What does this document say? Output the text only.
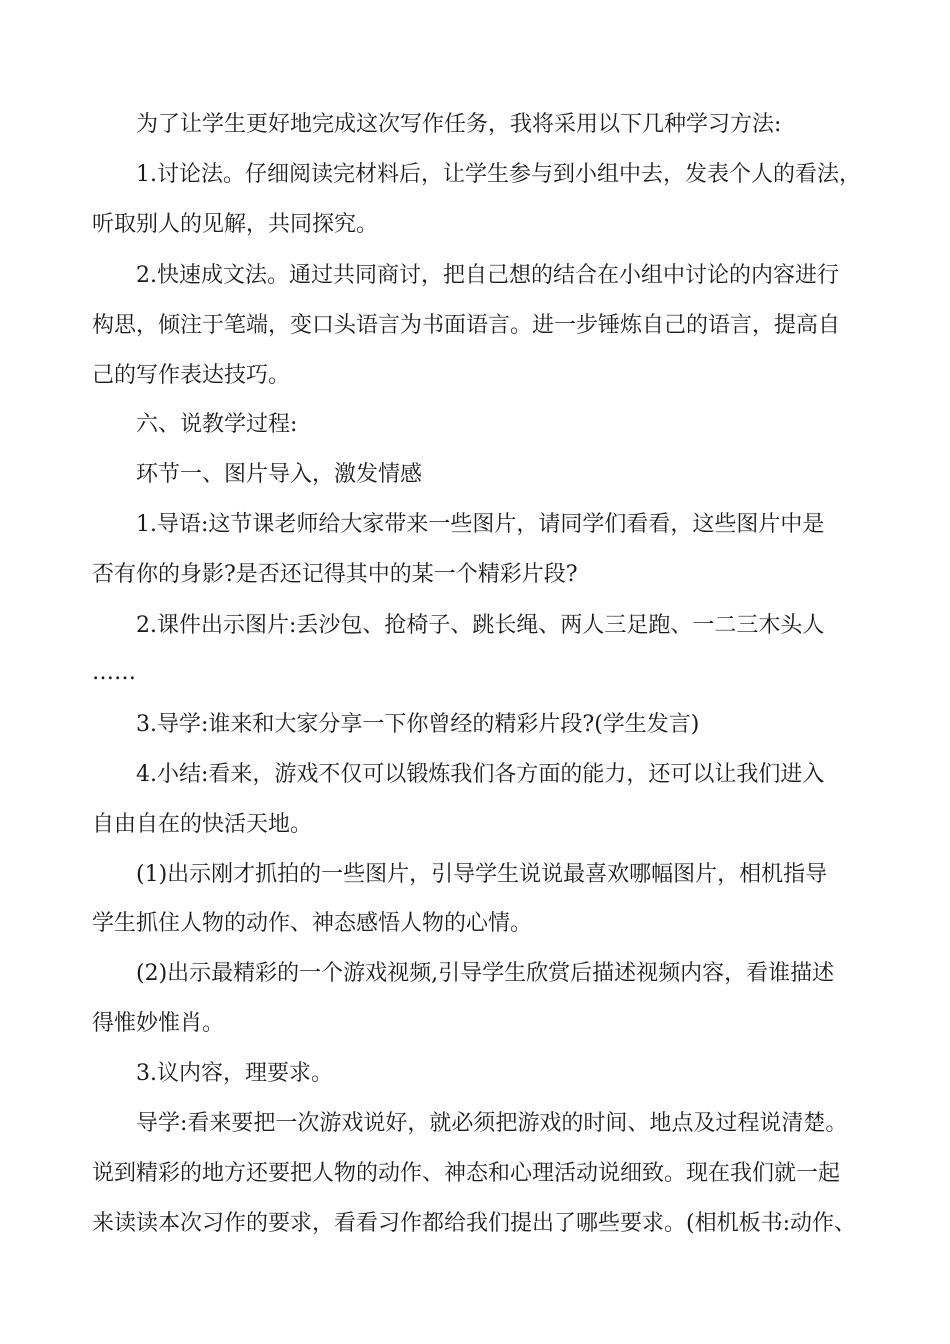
为了让学生更好地完成这次写作任务，我将采用以下几种学习方法:
1.讨论法。仔细阅读完材料后，让学生参与到小组中去，发表个人的看法，
听取别人的见解，共同探究。
2.快速成文法。通过共同商讨，把自己想的结合在小组中讨论的内容进行
构思，倾注于笔端，变口头语言为书面语言。进一步锤炼自己的语言，提高自
己的写作表达技巧。
六、说教学过程:
环节一、图片导入，激发情感
1.导语:这节课老师给大家带来一些图片，请同学们看看，这些图片中是
否有你的身影?是否还记得其中的某一个精彩片段?
2.课件出示图片:丢沙包、抢椅子、跳长绳、两人三足跑、一二三木头人
……
3.导学:谁来和大家分享一下你曾经的精彩片段?(学生发言)
4.小结:看来，游戏不仅可以锻炼我们各方面的能力，还可以让我们进入
自由自在的快活天地。
(1)出示刚才抓拍的一些图片，引导学生说说最喜欢哪幅图片，相机指导
学生抓住人物的动作、神态感悟人物的心情。
(2)出示最精彩的一个游戏视频,引导学生欣赏后描述视频内容，看谁描述
得惟妙惟肖。
3.议内容，理要求。
导学:看来要把一次游戏说好，就必须把游戏的时间、地点及过程说清楚。
说到精彩的地方还要把人物的动作、神态和心理活动说细致。现在我们就一起
来读读本次习作的要求，看看习作都给我们提出了哪些要求。(相机板书:动作、
